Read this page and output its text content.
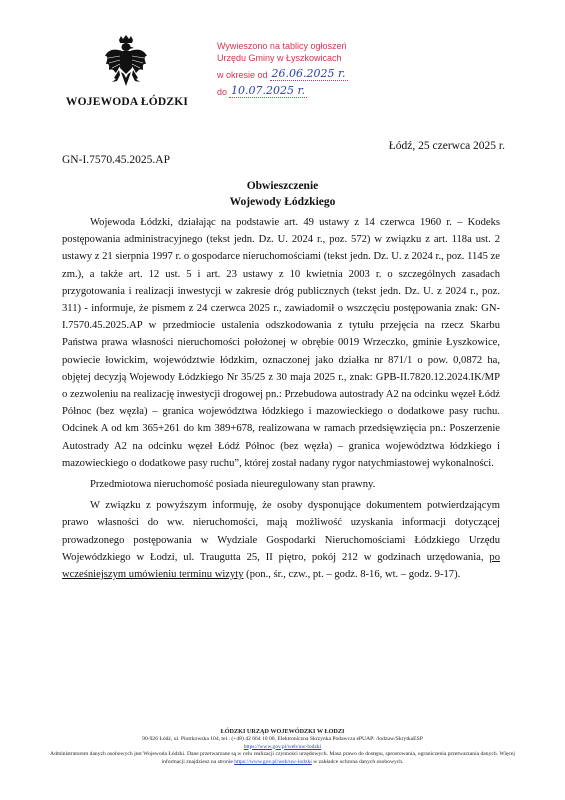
WOJEWODA ŁÓDZKI
Wywieszono na tablicy ogłoszeń
Urzędu Gminy w Łyszkowicach
w okresie od 26.06.2025 r.
do 10.07.2025 r.
Łódź, 25 czerwca 2025 r.
GN-I.7570.45.2025.AP
Obwieszczenie
Wojewody Łódzkiego

Wojewoda Łódzki, działając na podstawie art. 49 ustawy z 14 czerwca 1960 r. – Kodeks postępowania administracyjnego (tekst jedn. Dz. U. 2024 r., poz. 572) w związku z art. 118a ust. 2 ustawy z 21 sierpnia 1997 r. o gospodarce nieruchomościami (tekst jedn. Dz. U. z 2024 r., poz. 1145 ze zm.), a także art. 12 ust. 5 i art. 23 ustawy z 10 kwietnia 2003 r. o szczególnych zasadach przygotowania i realizacji inwestycji w zakresie dróg publicznych (tekst jedn. Dz. U. z 2024 r., poz. 311) - informuje, że pismem z 24 czerwca 2025 r., zawiadomił o wszczęciu postępowania znak: GN-I.7570.45.2025.AP w przedmiocie ustalenia odszkodowania z tytułu przejęcia na rzecz Skarbu Państwa prawa własności nieruchomości położonej w obrębie 0019 Wrzeczko, gminie Łyszkowice, powiecie łowickim, województwie łódzkim, oznaczonej jako działka nr 871/1 o pow. 0,0872 ha, objętej decyzją Wojewody Łódzkiego Nr 35/25 z 30 maja 2025 r., znak: GPB-II.7820.12.2024.IK/MP o zezwoleniu na realizację inwestycji drogowej pn.: Przebudowa autostrady A2 na odcinku węzeł Łódź Północ (bez węzła) – granica województwa łódzkiego i mazowieckiego o dodatkowe pasy ruchu. Odcinek A od km 365+261 do km 389+678, realizowana w ramach przedsięwzięcia pn.: Poszerzenie Autostrady A2 na odcinku węzeł Łódź Północ (bez węzła) – granica województwa łódzkiego i mazowieckiego o dodatkowe pasy ruchu”, której został nadany rygor natychmiastowej wykonalności.

Przedmiotowa nieruchomość posiada nieuregulowany stan prawny.

W związku z powyższym informuję, że osoby dysponujące dokumentem potwierdzającym prawo własności do ww. nieruchomości, mają możliwość uzyskania informacji dotyczącej prowadzonego postępowania w Wydziale Gospodarki Nieruchomościami Łódzkiego Urzędu Wojewódzkiego w Łodzi, ul. Traugutta 25, II piętro, pokój 212 w godzinach urzędowania, po wcześniejszym umówieniu terminu wizyty (pon., śr., czw., pt. – godz. 8-16, wt. – godz. 9-17).

ŁÓDZKI URZĄD WOJEWÓDZKI W ŁODZI
90-926 Łódź, ul. Piotrkowska 104, tel.: (+48) 42 664 10 00, Elektroniczna Skrzynka Podawcza ePUAP: /lodzuw/SkrytkaESP
https://www.gov.pl/web/uw-lodzki
Administratorem danych osobowych jest Wojewoda Łódzki. Dane przetwarzane są w celu realizacji czynności urzędowych. Masz prawo do dostępu, sprostowania, ograniczenia przetwarzania danych. Więcej informacji znajdziesz na stronie https://www.gov.pl/web/uw-lodzki w zakładce ochrona danych osobowych.
